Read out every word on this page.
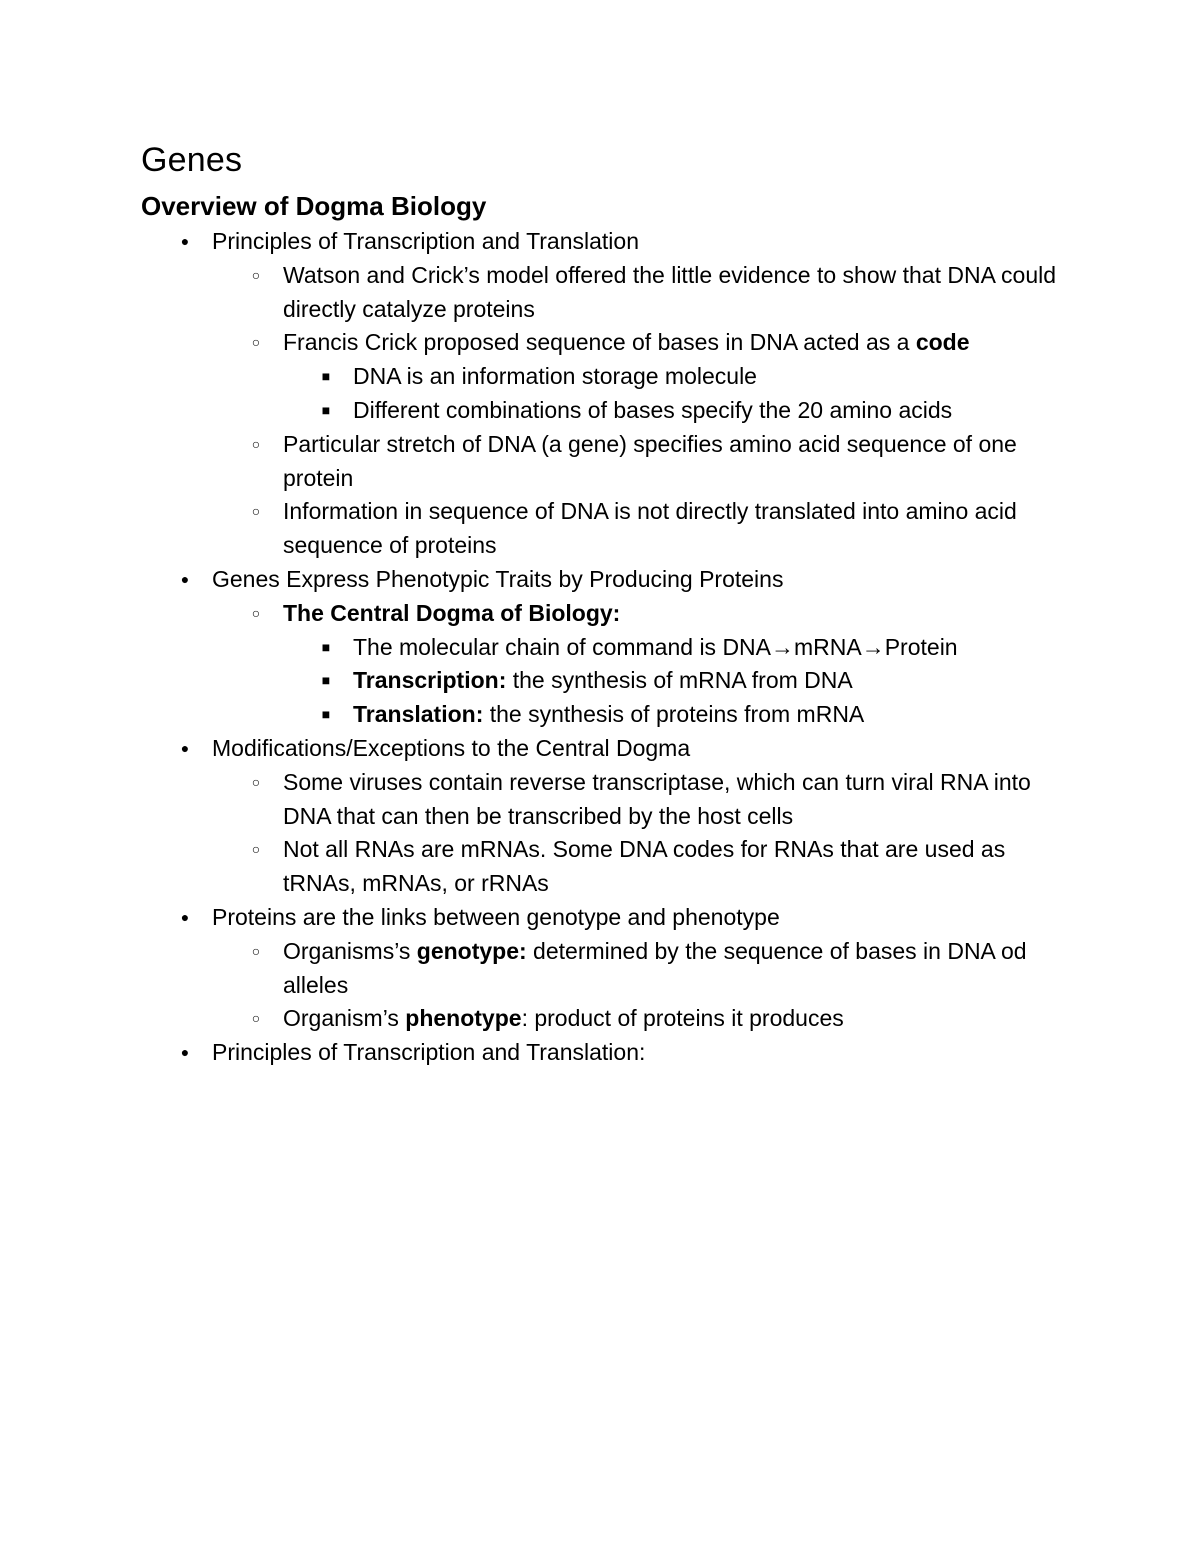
Genes
Overview of Dogma Biology
● Principles of Transcription and Translation
○ Watson and Crick’s model offered the little evidence to show that DNA could directly catalyze proteins
○ Francis Crick proposed sequence of bases in DNA acted as a code
■ DNA is an information storage molecule
■ Different combinations of bases specify the 20 amino acids
○ Particular stretch of DNA (a gene) specifies amino acid sequence of one protein
○ Information in sequence of DNA is not directly translated into amino acid sequence of proteins
● Genes Express Phenotypic Traits by Producing Proteins
○ The Central Dogma of Biology:
■ The molecular chain of command is DNA→mRNA→Protein
■ Transcription: the synthesis of mRNA from DNA
■ Translation: the synthesis of proteins from mRNA
● Modifications/Exceptions to the Central Dogma
○ Some viruses contain reverse transcriptase, which can turn viral RNA into DNA that can then be transcribed by the host cells
○ Not all RNAs are mRNAs. Some DNA codes for RNAs that are used as tRNAs, mRNAs, or rRNAs
● Proteins are the links between genotype and phenotype
○ Organisms’s genotype: determined by the sequence of bases in DNA od alleles
○ Organism’s phenotype: product of proteins it produces
● Principles of Transcription and Translation:
